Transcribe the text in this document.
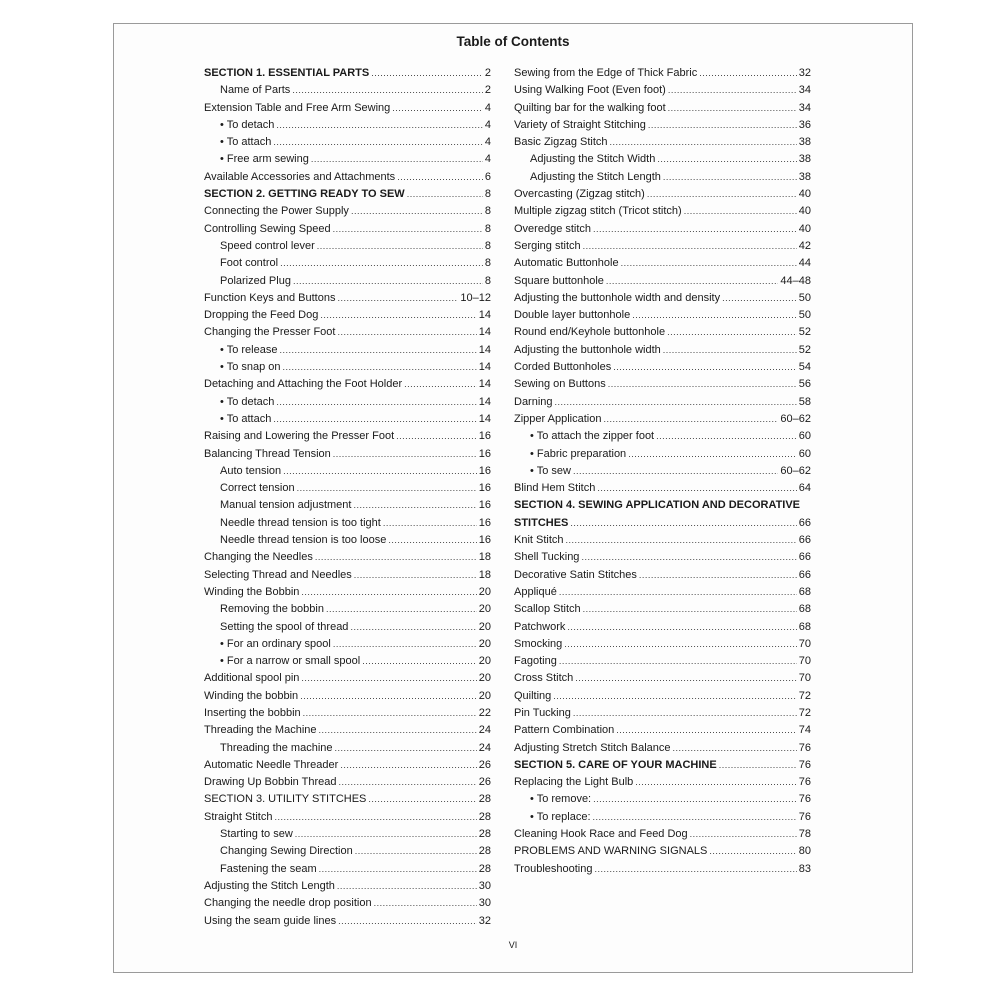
Table of Contents
SECTION 1. ESSENTIAL PARTS .....	2
Name of Parts .....	2
Extension Table and Free Arm Sewing .....	4
• To detach .....	4
• To attach .....	4
• Free arm sewing .....	4
Available Accessories and Attachments .....	6
SECTION 2. GETTING READY TO SEW .....	8
Connecting the Power Supply .....	8
Controlling Sewing Speed .....	8
Speed control lever .....	8
Foot control .....	8
Polarized Plug .....	8
Function Keys and Buttons .....	10–12
Dropping the Feed Dog .....	14
Changing the Presser Foot .....	14
• To release .....	14
• To snap on .....	14
Detaching and Attaching the Foot Holder .....	14
• To detach .....	14
• To attach .....	14
Raising and Lowering the Presser Foot .....	16
Balancing Thread Tension .....	16
Auto tension .....	16
Correct tension .....	16
Manual tension adjustment .....	16
Needle thread tension is too tight .....	16
Needle thread tension is too loose .....	16
Changing the Needles .....	18
Selecting Thread and Needles .....	18
Winding the Bobbin .....	20
Removing the bobbin .....	20
Setting the spool of thread .....	20
• For an ordinary spool .....	20
• For a narrow or small spool .....	20
Additional spool pin .....	20
Winding the bobbin .....	20
Inserting the bobbin .....	22
Threading the Machine .....	24
Threading the machine .....	24
Automatic Needle Threader .....	26
Drawing Up Bobbin Thread .....	26
SECTION 3. UTILITY STITCHES .....	28
Straight Stitch .....	28
Starting to sew .....	28
Changing Sewing Direction .....	28
Fastening the seam .....	28
Adjusting the Stitch Length .....	30
Changing the needle drop position .....	30
Using the seam guide lines .....	32
Sewing from the Edge of Thick Fabric .....	32
Using Walking Foot (Even foot) .....	34
Quilting bar for the walking foot .....	34
Variety of Straight Stitching .....	36
Basic Zigzag Stitch .....	38
Adjusting the Stitch Width .....	38
Adjusting the Stitch Length .....	38
Overcasting (Zigzag stitch) .....	40
Multiple zigzag stitch (Tricot stitch) .....	40
Overedge stitch .....	40
Serging stitch .....	42
Automatic Buttonhole .....	44
Square buttonhole .....	44–48
Adjusting the buttonhole width and density .....	50
Double layer buttonhole .....	50
Round end/Keyhole buttonhole .....	52
Adjusting the buttonhole width .....	52
Corded Buttonholes .....	54
Sewing on Buttons .....	56
Darning .....	58
Zipper Application .....	60–62
• To attach the zipper foot .....	60
• Fabric preparation .....	60
• To sew .....	60–62
Blind Hem Stitch .....	64
SECTION 4. SEWING APPLICATION AND DECORATIVE
STITCHES .....	66
Knit Stitch .....	66
Shell Tucking .....	66
Decorative Satin Stitches .....	66
Appliqué .....	68
Scallop Stitch .....	68
Patchwork .....	68
Smocking .....	70
Fagoting .....	70
Cross Stitch .....	70
Quilting .....	72
Pin Tucking .....	72
Pattern Combination .....	74
Adjusting Stretch Stitch Balance .....	76
SECTION 5. CARE OF YOUR MACHINE .....	76
Replacing the Light Bulb .....	76
• To remove: .....	76
• To replace: .....	76
Cleaning Hook Race and Feed Dog .....	78
PROBLEMS AND WARNING SIGNALS .....	80
Troubleshooting .....	83
VI
